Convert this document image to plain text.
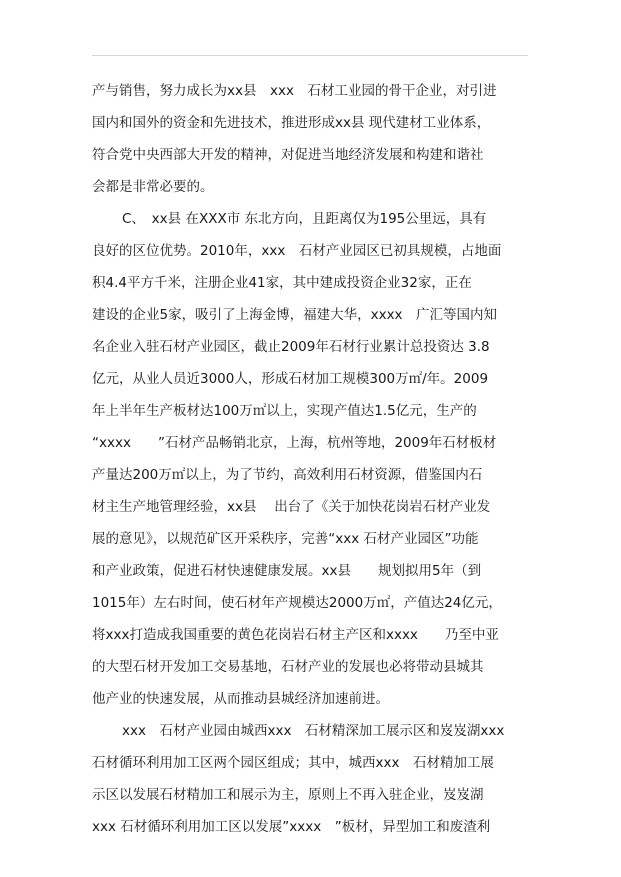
产与销售，努力成长为xx县　xxx　石材工业园的骨干企业，对引进
国内和国外的资金和先进技术，推进形成xx县 现代建材工业体系，
符合党中央西部大开发的精神，对促进当地经济发展和构建和谐社
会都是非常必要的。
C、　xx县 在XXX市 东北方向，且距离仅为195公里远，具有
良好的区位优势。2010年，xxx　石材产业园区已初具规模，占地面
积4.4平方千米，注册企业41家，其中建成投资企业32家，正在
建设的企业5家，吸引了上海金博，福建大华，xxxx　广汇等国内知
名企业入驻石材产业园区，截止2009年石材行业累计总投资达 3.8
亿元，从业人员近3000人，形成石材加工规模300万㎡/年。2009
年上半年生产板材达100万㎡以上，实现产值达1.5亿元，生产的
“xxxx　　”石材产品畅销北京，上海，杭州等地，2009年石材板材
产量达200万㎡以上，为了节约，高效利用石材资源，借鉴国内石
材主生产地管理经验，xx县　 出台了《关于加快花岗岩石材产业发
展的意见》，以规范矿区开采秩序，完善“xxx 石材产业园区”功能
和产业政策，促进石材快速健康发展。xx县　　规划拟用5年（到
1015年）左右时间，使石材年产规模达2000万㎡，产值达24亿元，
将xxx打造成我国重要的黄色花岗岩石材主产区和xxxx　　乃至中亚
的大型石材开发加工交易基地，石材产业的发展也必将带动县城其
他产业的快速发展，从而推动县城经济加速前进。
xxx　石材产业园由城西xxx　石材精深加工展示区和岌岌湖xxx
石材循环利用加工区两个园区组成；其中，城西xxx　石材精加工展
示区以发展石材精加工和展示为主，原则上不再入驻企业，岌岌湖
xxx 石材循环利用加工区以发展”xxxx　”板材，异型加工和废渣利
